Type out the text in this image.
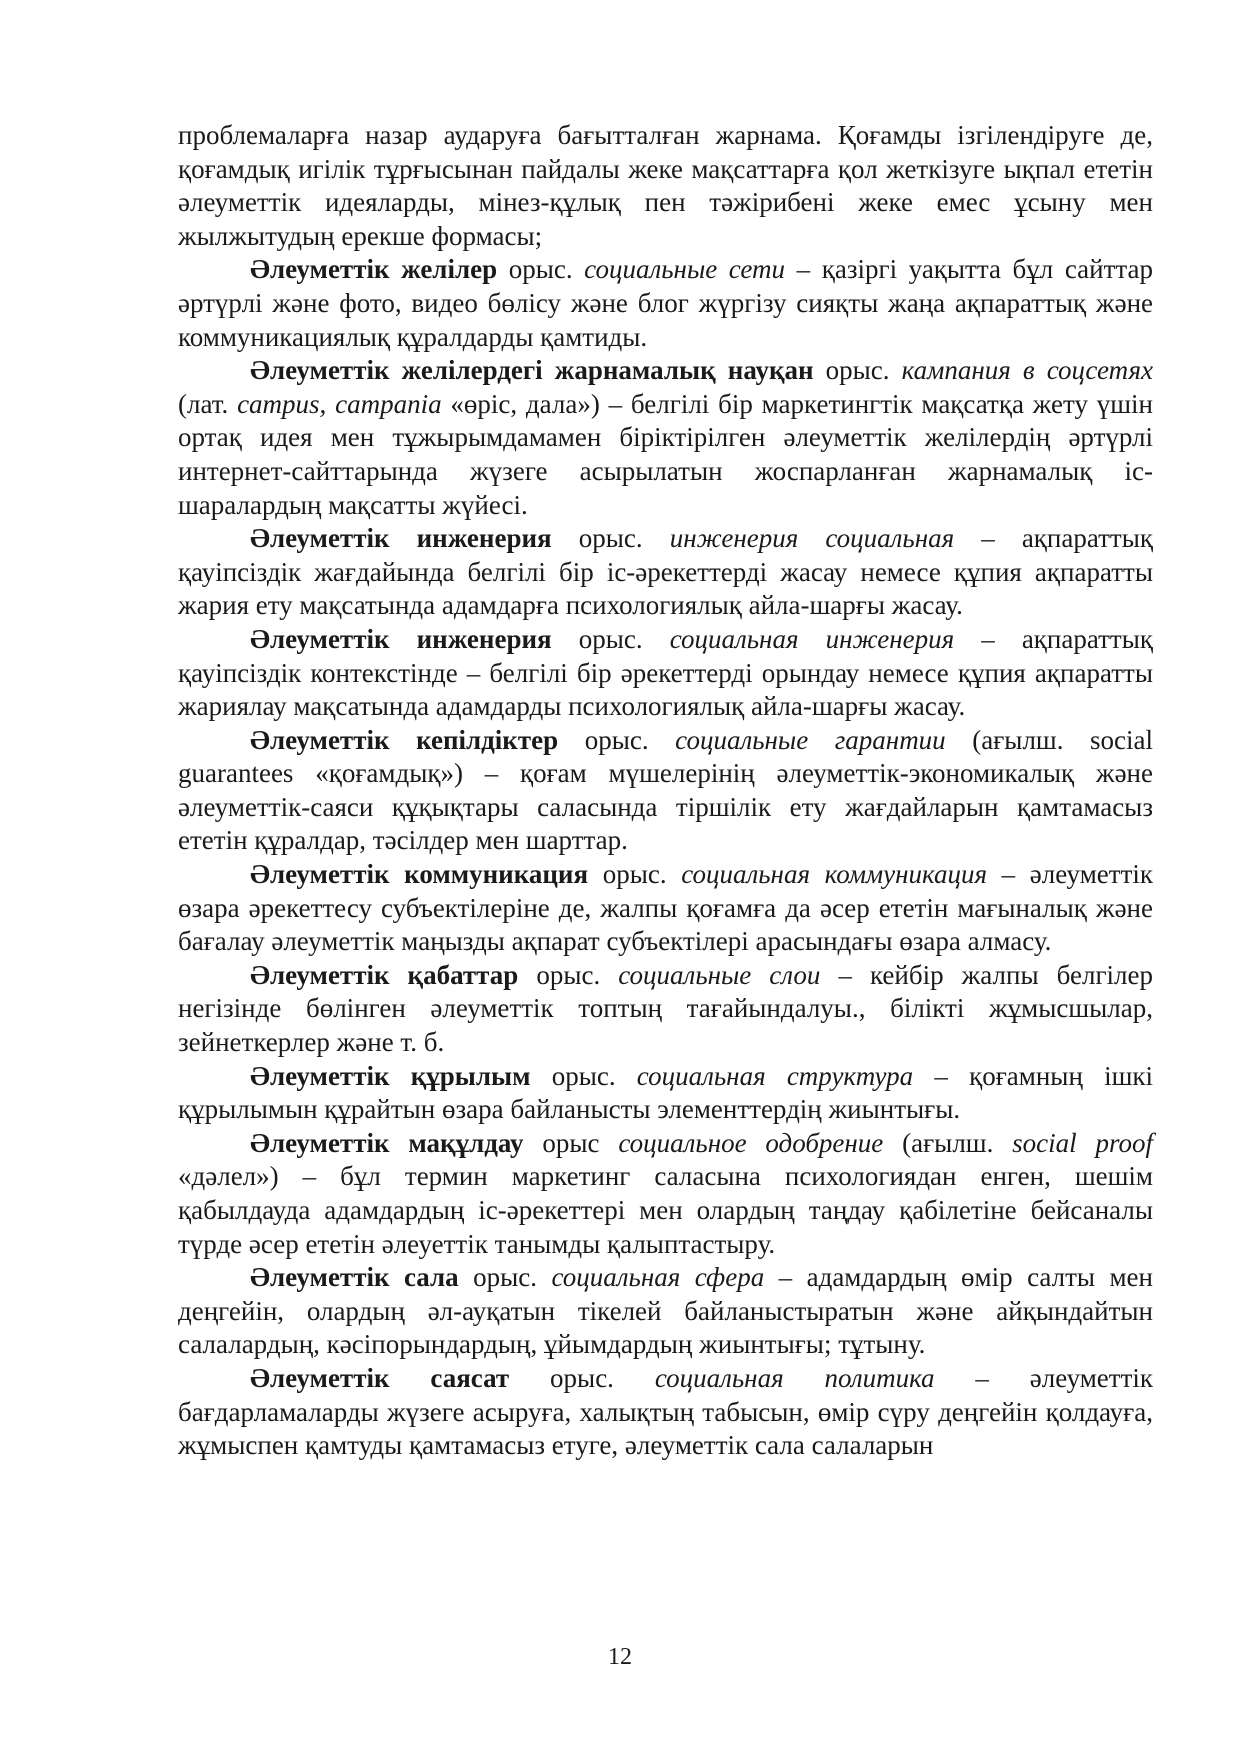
проблемаларға назар аударуға бағытталған жарнама. Қоғамды ізгілендіруге де, қоғамдық игілік тұрғысынан пайдалы жеке мақсаттарға қол жеткізуге ықпал ететін әлеуметтік идеяларды, мінез-құлық пен тәжірибені жеке емес ұсыну мен жылжытудың ерекше формасы;

Әлеуметтік желілер орыс. социальные сети – қазіргі уақытта бұл сайттар әртүрлі және фото, видео бөлісу және блог жүргізу сияқты жаңа ақпараттық және коммуникациялық құралдарды қамтиды.

Әлеуметтік желілердегі жарнамалық науқан орыс. кампания в соцсетях (лат. campus, campania «өріс, дала») – белгілі бір маркетингтік мақсатқа жету үшін ортақ идея мен тұжырымдамамен біріктірілген әлеуметтік желілердің әртүрлі интернет-сайттарында жүзеге асырылатын жоспарланған жарнамалық іс-шаралардың мақсатты жүйесі.

Әлеуметтік инженерия орыс. инженерия социальная – ақпараттық қауіпсіздік жағдайында белгілі бір іс-әрекеттерді жасау немесе құпия ақпаратты жария ету мақсатында адамдарға психологиялық айла-шарғы жасау.

Әлеуметтік инженерия орыс. социальная инженерия – ақпараттық қауіпсіздік контекстінде – белгілі бір әрекеттерді орындау немесе құпия ақпаратты жариялау мақсатында адамдарды психологиялық айла-шарғы жасау.

Әлеуметтік кепілдіктер орыс. социальные гарантии (ағылш. social guarantees «қоғамдық») – қоғам мүшелерінің әлеуметтік-экономикалық және әлеуметтік-саяси құқықтары саласында тіршілік ету жағдайларын қамтамасыз ететін құралдар, тәсілдер мен шарттар.

Әлеуметтік коммуникация орыс. социальная коммуникация – әлеуметтік өзара әрекеттесу субъектілеріне де, жалпы қоғамға да әсер ететін мағыналық және бағалау әлеуметтік маңызды ақпарат субъектілері арасындағы өзара алмасу.

Әлеуметтік қабаттар орыс. социальные слои – кейбір жалпы белгілер негізінде бөлінген әлеуметтік топтың тағайындалуы., білікті жұмысшылар, зейнеткерлер және т. б.

Әлеуметтік құрылым орыс. социальная структура – қоғамның ішкі құрылымын құрайтын өзара байланысты элементтердің жиынтығы.

Әлеуметтік мақұлдау орыс социальное одобрение (ағылш. social proof «дәлел») – бұл термин маркетинг саласына психологиядан енген, шешім қабылдауда адамдардың іс-әрекеттері мен олардың таңдау қабілетіне бейсаналы түрде әсер ететін әлеуеттік танымды қалыптастыру.

Әлеуметтік сала орыс. социальная сфера – адамдардың өмір салты мен деңгейін, олардың әл-ауқатын тікелей байланыстыратын және айқындайтын салалардың, кәсіпорындардың, ұйымдардың жиынтығы; тұтыну.

Әлеуметтік саясат орыс. социальная политика – әлеуметтік бағдарламаларды жүзеге асыруға, халықтың табысын, өмір сүру деңгейін қолдауға, жұмыспен қамтуды қамтамасыз етуге, әлеуметтік сала салаларын

12
